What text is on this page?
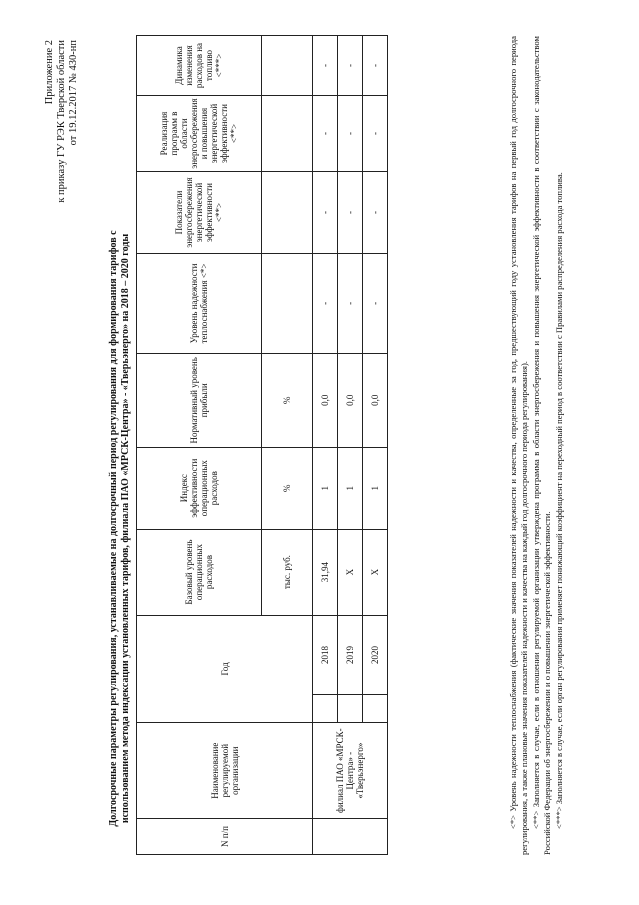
Приложение 2 к приказу ГУ РЭК Тверской области от 19.12.2017 № 430-нп
Долгосрочные параметры регулирования, устанавливаемые на долгосрочный период регулирования для формирования тарифов с использованием метода индексации установленных тарифов, филиала ПАО «МРСК-Центра» - «Тверьэнерго» на 2018 – 2020 годы
N п/п	Наименование регулируемой организации	Год		Базовый уровень операционных расходов	Индекс эффективности операционных расходов	Нормативный уровень прибыли	Уровень надежности теплоснабжения <*>	Показатели энергосбережения энергетической эффективности <**>	Реализация программ в области энергосбережения и повышения энергетической эффективности <**>	Динамика изменения расходов на топливо <***>
				тыс. руб.	%	%				
	филиал ПАО «МРСК-Центра» - «Тверьэнерго»		2018	31,94	1	0,0	-	-	-	-
			2019	Х	1	0,0	-	-	-	-
			2020	Х	1	0,0	-	-	-	-	<*> Уровень надежности теплоснабжения (фактические значения показателей надежности и качества, определенные за год, предшествующий году установления тарифов на первый год долгосрочного периода регулирования, а также плановые значения показателей надежности и качества на каждый год долгосрочного периода регулирования). <**> Заполняется в случае, если в отношении регулируемой организации утверждена программа в области энергосбережения и повышения энергетической эффективности в соответствии с законодательством Российской Федерации об энергосбережении и о повышении энергетической эффективности. <***> Заполняется в случае, если орган регулирования применяет понижающий коэффициент на переходный период в соответствии с Правилами распределения расхода топлива.
